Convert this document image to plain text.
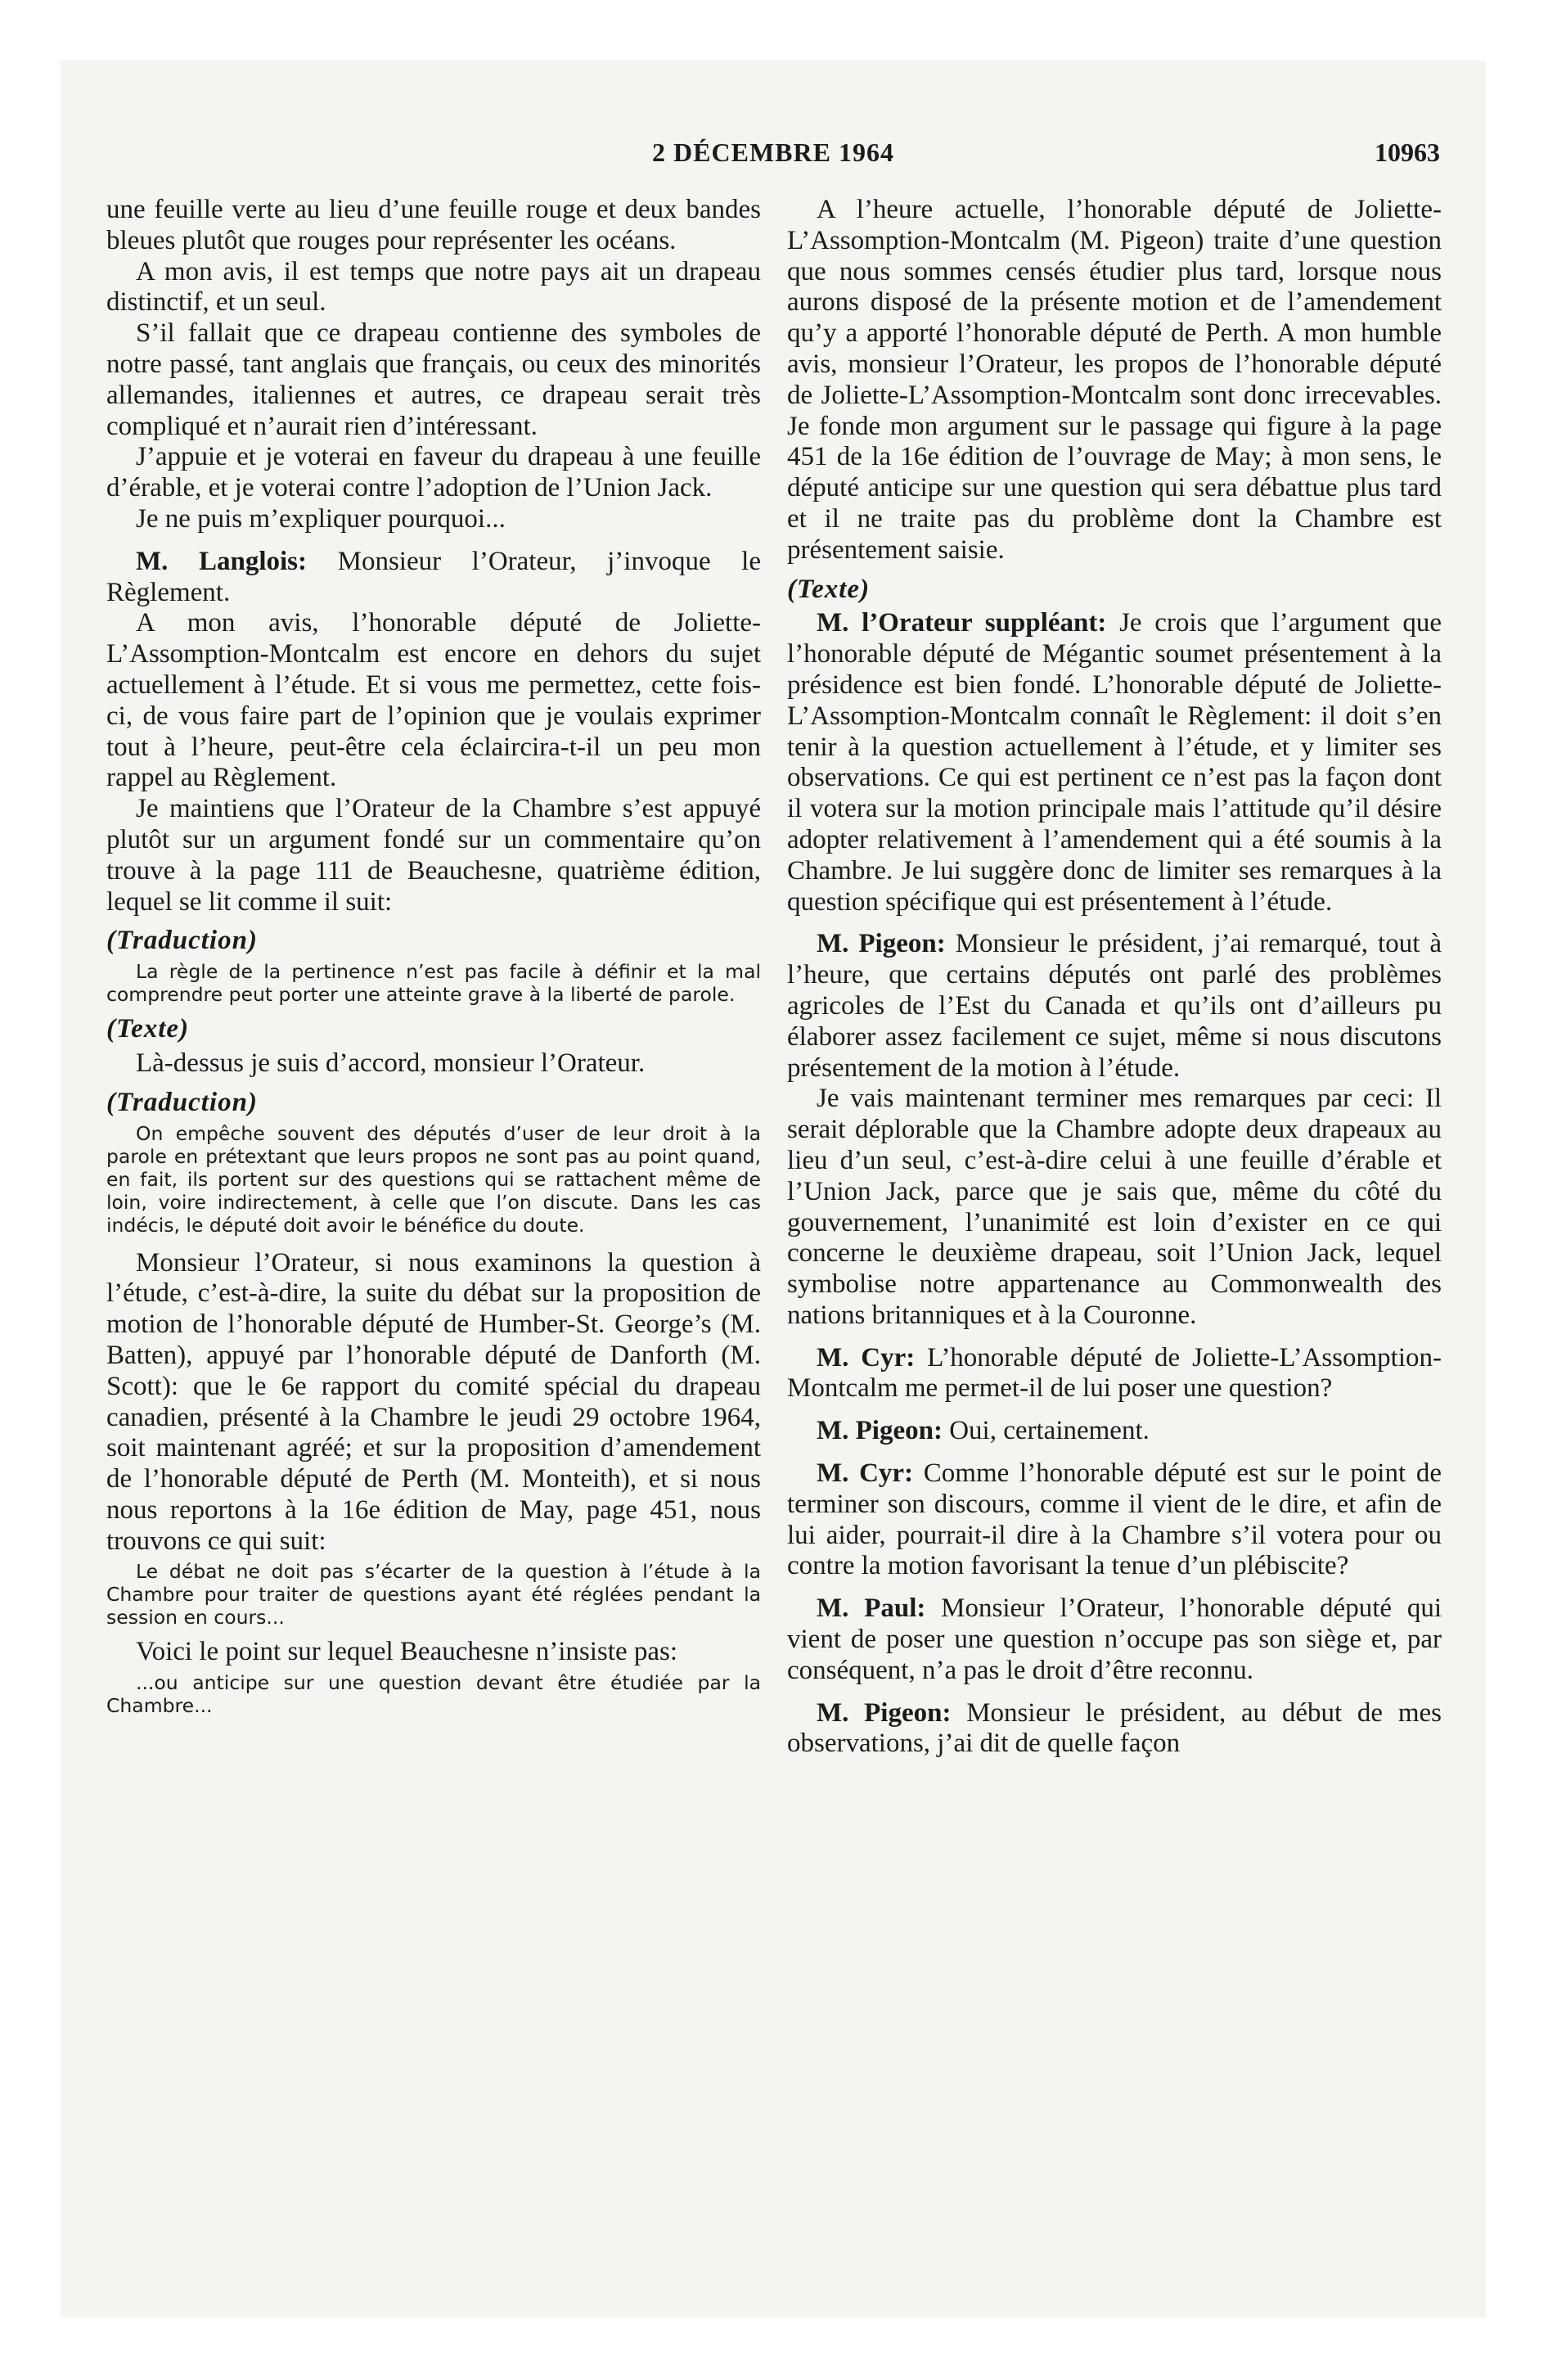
2 DÉCEMBRE 1964	10963

une feuille verte au lieu d’une feuille rouge et deux bandes bleues plutôt que rouges pour représenter les océans.

A mon avis, il est temps que notre pays ait un drapeau distinctif, et un seul.

S’il fallait que ce drapeau contienne des symboles de notre passé, tant anglais que français, ou ceux des minorités allemandes, italiennes et autres, ce drapeau serait très compliqué et n’aurait rien d’intéressant.

J’appuie et je voterai en faveur du drapeau à une feuille d’érable, et je voterai contre l’adoption de l’Union Jack.

Je ne puis m’expliquer pourquoi...

M. Langlois: Monsieur l’Orateur, j’invoque le Règlement.

A mon avis, l’honorable député de Joliette-L’Assomption-Montcalm est encore en dehors du sujet actuellement à l’étude. Et si vous me permettez, cette fois-ci, de vous faire part de l’opinion que je voulais exprimer tout à l’heure, peut-être cela éclaircira-t-il un peu mon rappel au Règlement.

Je maintiens que l’Orateur de la Chambre s’est appuyé plutôt sur un argument fondé sur un commentaire qu’on trouve à la page 111 de Beauchesne, quatrième édition, lequel se lit comme il suit:

(Traduction)

La règle de la pertinence n’est pas facile à définir et la mal comprendre peut porter une atteinte grave à la liberté de parole.

(Texte)

Là-dessus je suis d’accord, monsieur l’Orateur.

(Traduction)

On empêche souvent des députés d’user de leur droit à la parole en prétextant que leurs propos ne sont pas au point quand, en fait, ils portent sur des questions qui se rattachent même de loin, voire indirectement, à celle que l’on discute. Dans les cas indécis, le député doit avoir le bénéfice du doute.

Monsieur l’Orateur, si nous examinons la question à l’étude, c’est-à-dire, la suite du débat sur la proposition de motion de l’honorable député de Humber-St. George’s (M. Batten), appuyé par l’honorable député de Danforth (M. Scott): que le 6e rapport du comité spécial du drapeau canadien, présenté à la Chambre le jeudi 29 octobre 1964, soit maintenant agréé; et sur la proposition d’amendement de l’honorable député de Perth (M. Monteith), et si nous nous reportons à la 16e édition de May, page 451, nous trouvons ce qui suit:

Le débat ne doit pas s’écarter de la question à l’étude à la Chambre pour traiter de questions ayant été réglées pendant la session en cours...

Voici le point sur lequel Beauchesne n’insiste pas:

...ou anticipe sur une question devant être étudiée par la Chambre...

A l’heure actuelle, l’honorable député de Joliette-L’Assomption-Montcalm (M. Pigeon) traite d’une question que nous sommes censés étudier plus tard, lorsque nous aurons disposé de la présente motion et de l’amendement qu’y a apporté l’honorable député de Perth. A mon humble avis, monsieur l’Orateur, les propos de l’honorable député de Joliette-L’Assomption-Montcalm sont donc irrecevables. Je fonde mon argument sur le passage qui figure à la page 451 de la 16e édition de l’ouvrage de May; à mon sens, le député anticipe sur une question qui sera débattue plus tard et il ne traite pas du problème dont la Chambre est présentement saisie.

(Texte)

M. l’Orateur suppléant: Je crois que l’argument que l’honorable député de Mégantic soumet présentement à la présidence est bien fondé. L’honorable député de Joliette-L’Assomption-Montcalm connaît le Règlement: il doit s’en tenir à la question actuellement à l’étude, et y limiter ses observations. Ce qui est pertinent ce n’est pas la façon dont il votera sur la motion principale mais l’attitude qu’il désire adopter relativement à l’amendement qui a été soumis à la Chambre. Je lui suggère donc de limiter ses remarques à la question spécifique qui est présentement à l’étude.

M. Pigeon: Monsieur le président, j’ai remarqué, tout à l’heure, que certains députés ont parlé des problèmes agricoles de l’Est du Canada et qu’ils ont d’ailleurs pu élaborer assez facilement ce sujet, même si nous discutons présentement de la motion à l’étude.

Je vais maintenant terminer mes remarques par ceci: Il serait déplorable que la Chambre adopte deux drapeaux au lieu d’un seul, c’est-à-dire celui à une feuille d’érable et l’Union Jack, parce que je sais que, même du côté du gouvernement, l’unanimité est loin d’exister en ce qui concerne le deuxième drapeau, soit l’Union Jack, lequel symbolise notre appartenance au Commonwealth des nations britanniques et à la Couronne.

M. Cyr: L’honorable député de Joliette-L’Assomption-Montcalm me permet-il de lui poser une question?

M. Pigeon: Oui, certainement.

M. Cyr: Comme l’honorable député est sur le point de terminer son discours, comme il vient de le dire, et afin de lui aider, pourrait-il dire à la Chambre s’il votera pour ou contre la motion favorisant la tenue d’un plébiscite?

M. Paul: Monsieur l’Orateur, l’honorable député qui vient de poser une question n’occupe pas son siège et, par conséquent, n’a pas le droit d’être reconnu.

M. Pigeon: Monsieur le président, au début de mes observations, j’ai dit de quelle façon
